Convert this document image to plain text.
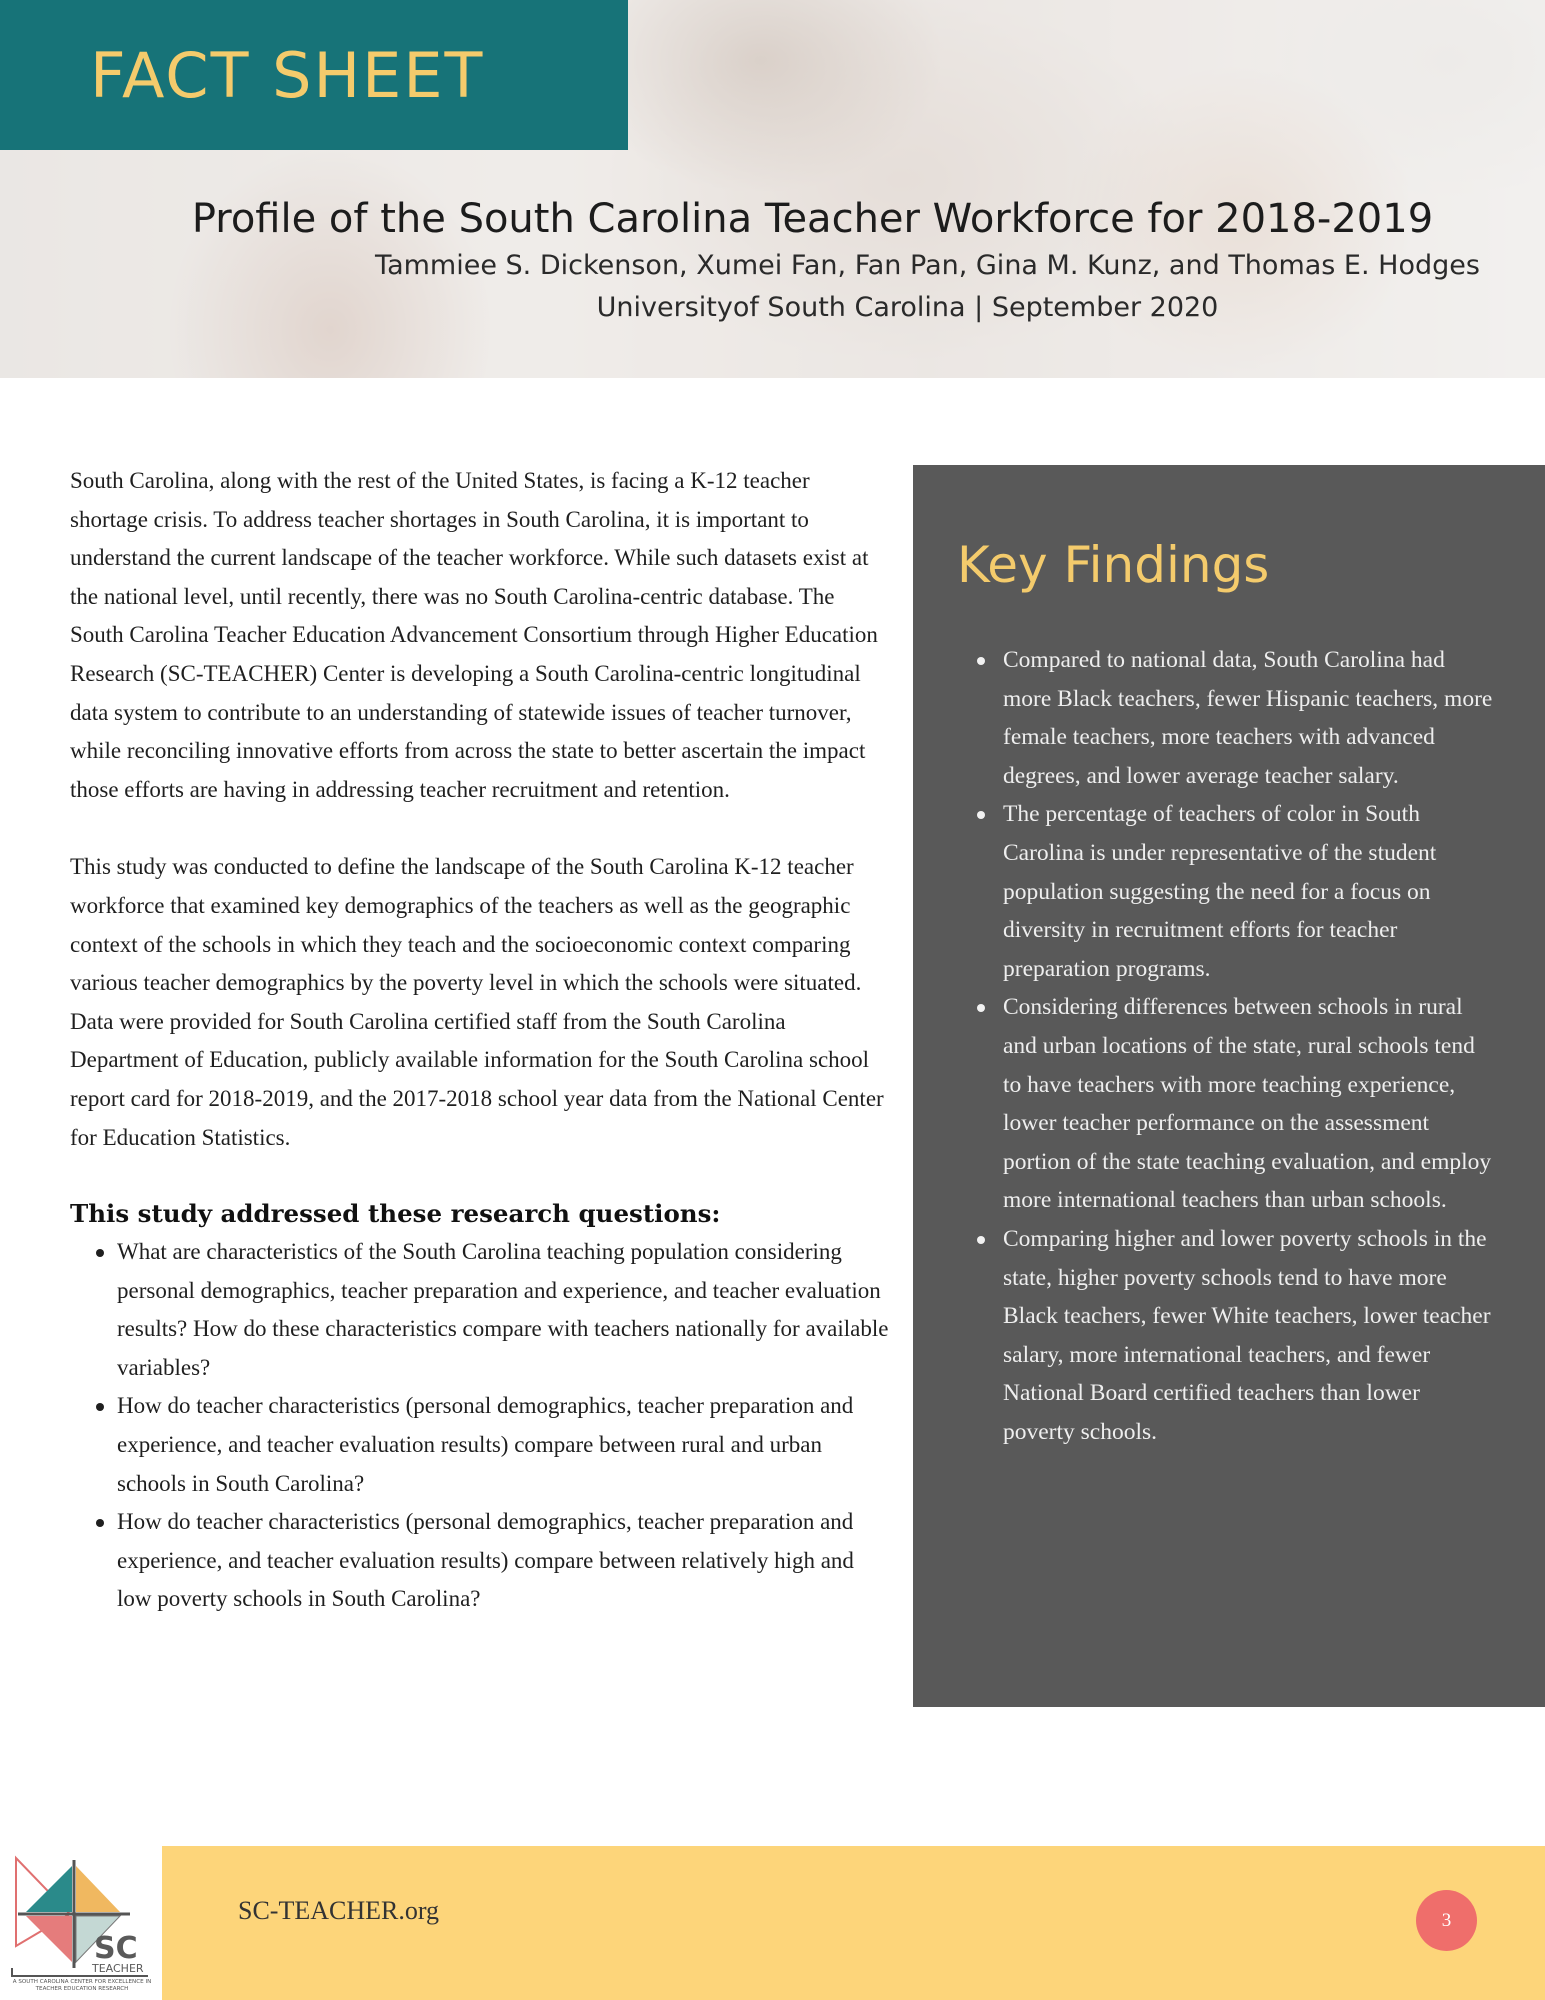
FACT SHEET
Profile of the South Carolina Teacher Workforce for 2018-2019
Tammiee S. Dickenson, Xumei Fan, Fan Pan, Gina M. Kunz, and Thomas E. Hodges
Universityof South Carolina | September 2020

South Carolina, along with the rest of the United States, is facing a K-12 teacher shortage crisis. To address teacher shortages in South Carolina, it is important to understand the current landscape of the teacher workforce. While such datasets exist at the national level, until recently, there was no South Carolina-centric database. The South Carolina Teacher Education Advancement Consortium through Higher Education Research (SC-TEACHER) Center is developing a South Carolina-centric longitudinal data system to contribute to an understanding of statewide issues of teacher turnover, while reconciling innovative efforts from across the state to better ascertain the impact those efforts are having in addressing teacher recruitment and retention.

This study was conducted to define the landscape of the South Carolina K-12 teacher workforce that examined key demographics of the teachers as well as the geographic context of the schools in which they teach and the socioeconomic context comparing various teacher demographics by the poverty level in which the schools were situated. Data were provided for South Carolina certified staff from the South Carolina Department of Education, publicly available information for the South Carolina school report card for 2018-2019, and the 2017-2018 school year data from the National Center for Education Statistics.

This study addressed these research questions:
What are characteristics of the South Carolina teaching population considering personal demographics, teacher preparation and experience, and teacher evaluation results? How do these characteristics compare with teachers nationally for available variables?
How do teacher characteristics (personal demographics, teacher preparation and experience, and teacher evaluation results) compare between rural and urban schools in South Carolina?
How do teacher characteristics (personal demographics, teacher preparation and experience, and teacher evaluation results) compare between relatively high and low poverty schools in South Carolina?
Key Findings
Compared to national data, South Carolina had more Black teachers, fewer Hispanic teachers, more female teachers, more teachers with advanced degrees, and lower average teacher salary.
The percentage of teachers of color in South Carolina is under representative of the student population suggesting the need for a focus on diversity in recruitment efforts for teacher preparation programs.
Considering differences between schools in rural and urban locations of the state, rural schools tend to have teachers with more teaching experience, lower teacher performance on the assessment portion of the state teaching evaluation, and employ more international teachers than urban schools.
Comparing higher and lower poverty schools in the state, higher poverty schools tend to have more Black teachers, fewer White teachers, lower teacher salary, more international teachers, and fewer National Board certified teachers than lower poverty schools.
SC
TEACHER
A SOUTH CAROLINA CENTER FOR EXCELLENCE IN TEACHER EDUCATION RESEARCH
SC-TEACHER.org	3
